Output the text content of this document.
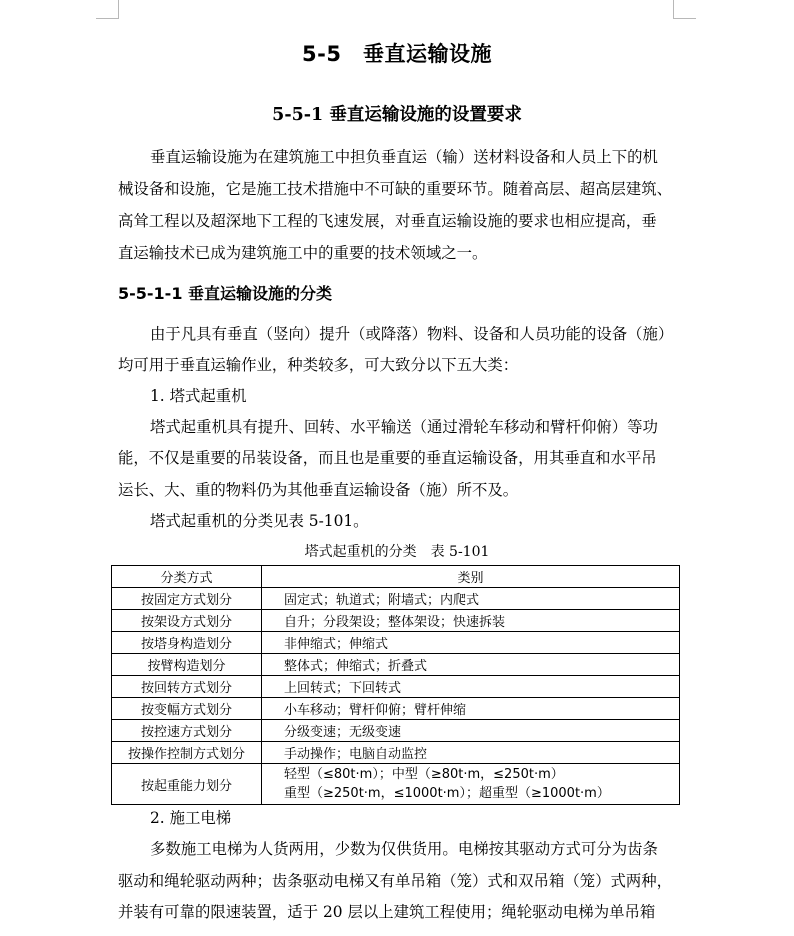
5-5　垂直运输设施
5-5-1 垂直运输设施的设置要求
垂直运输设施为在建筑施工中担负垂直运（输）送材料设备和人员上下的机
械设备和设施，它是施工技术措施中不可缺的重要环节。随着高层、超高层建筑、
高耸工程以及超深地下工程的飞速发展，对垂直运输设施的要求也相应提高，垂
直运输技术已成为建筑施工中的重要的技术领域之一。
5-5-1-1 垂直运输设施的分类
由于凡具有垂直（竖向）提升（或降落）物料、设备和人员功能的设备（施）
均可用于垂直运输作业，种类较多，可大致分以下五大类：
1. 塔式起重机
塔式起重机具有提升、回转、水平输送（通过滑轮车移动和臂杆仰俯）等功
能，不仅是重要的吊装设备，而且也是重要的垂直运输设备，用其垂直和水平吊
运长、大、重的物料仍为其他垂直运输设备（施）所不及。
塔式起重机的分类见表 5-101。
塔式起重机的分类　表 5-101
分类方式	类别
按固定方式划分	固定式；轨道式；附墙式；内爬式
按架设方式划分	自升；分段架设；整体架设；快速拆装
按塔身构造划分	非伸缩式；伸缩式
按臂构造划分	整体式；伸缩式；折叠式
按回转方式划分	上回转式；下回转式
按变幅方式划分	小车移动；臂杆仰俯；臂杆伸缩
按控速方式划分	分级变速；无级变速
按操作控制方式划分	手动操作；电脑自动监控
按起重能力划分	轻型（≤80t·m）；中型（≥80t·m，≤250t·m）
重型（≥250t·m，≤1000t·m）；超重型（≥1000t·m）
2. 施工电梯
多数施工电梯为人货两用，少数为仅供货用。电梯按其驱动方式可分为齿条
驱动和绳轮驱动两种；齿条驱动电梯又有单吊箱（笼）式和双吊箱（笼）式两种，
并装有可靠的限速装置，适于 20 层以上建筑工程使用；绳轮驱动电梯为单吊箱
